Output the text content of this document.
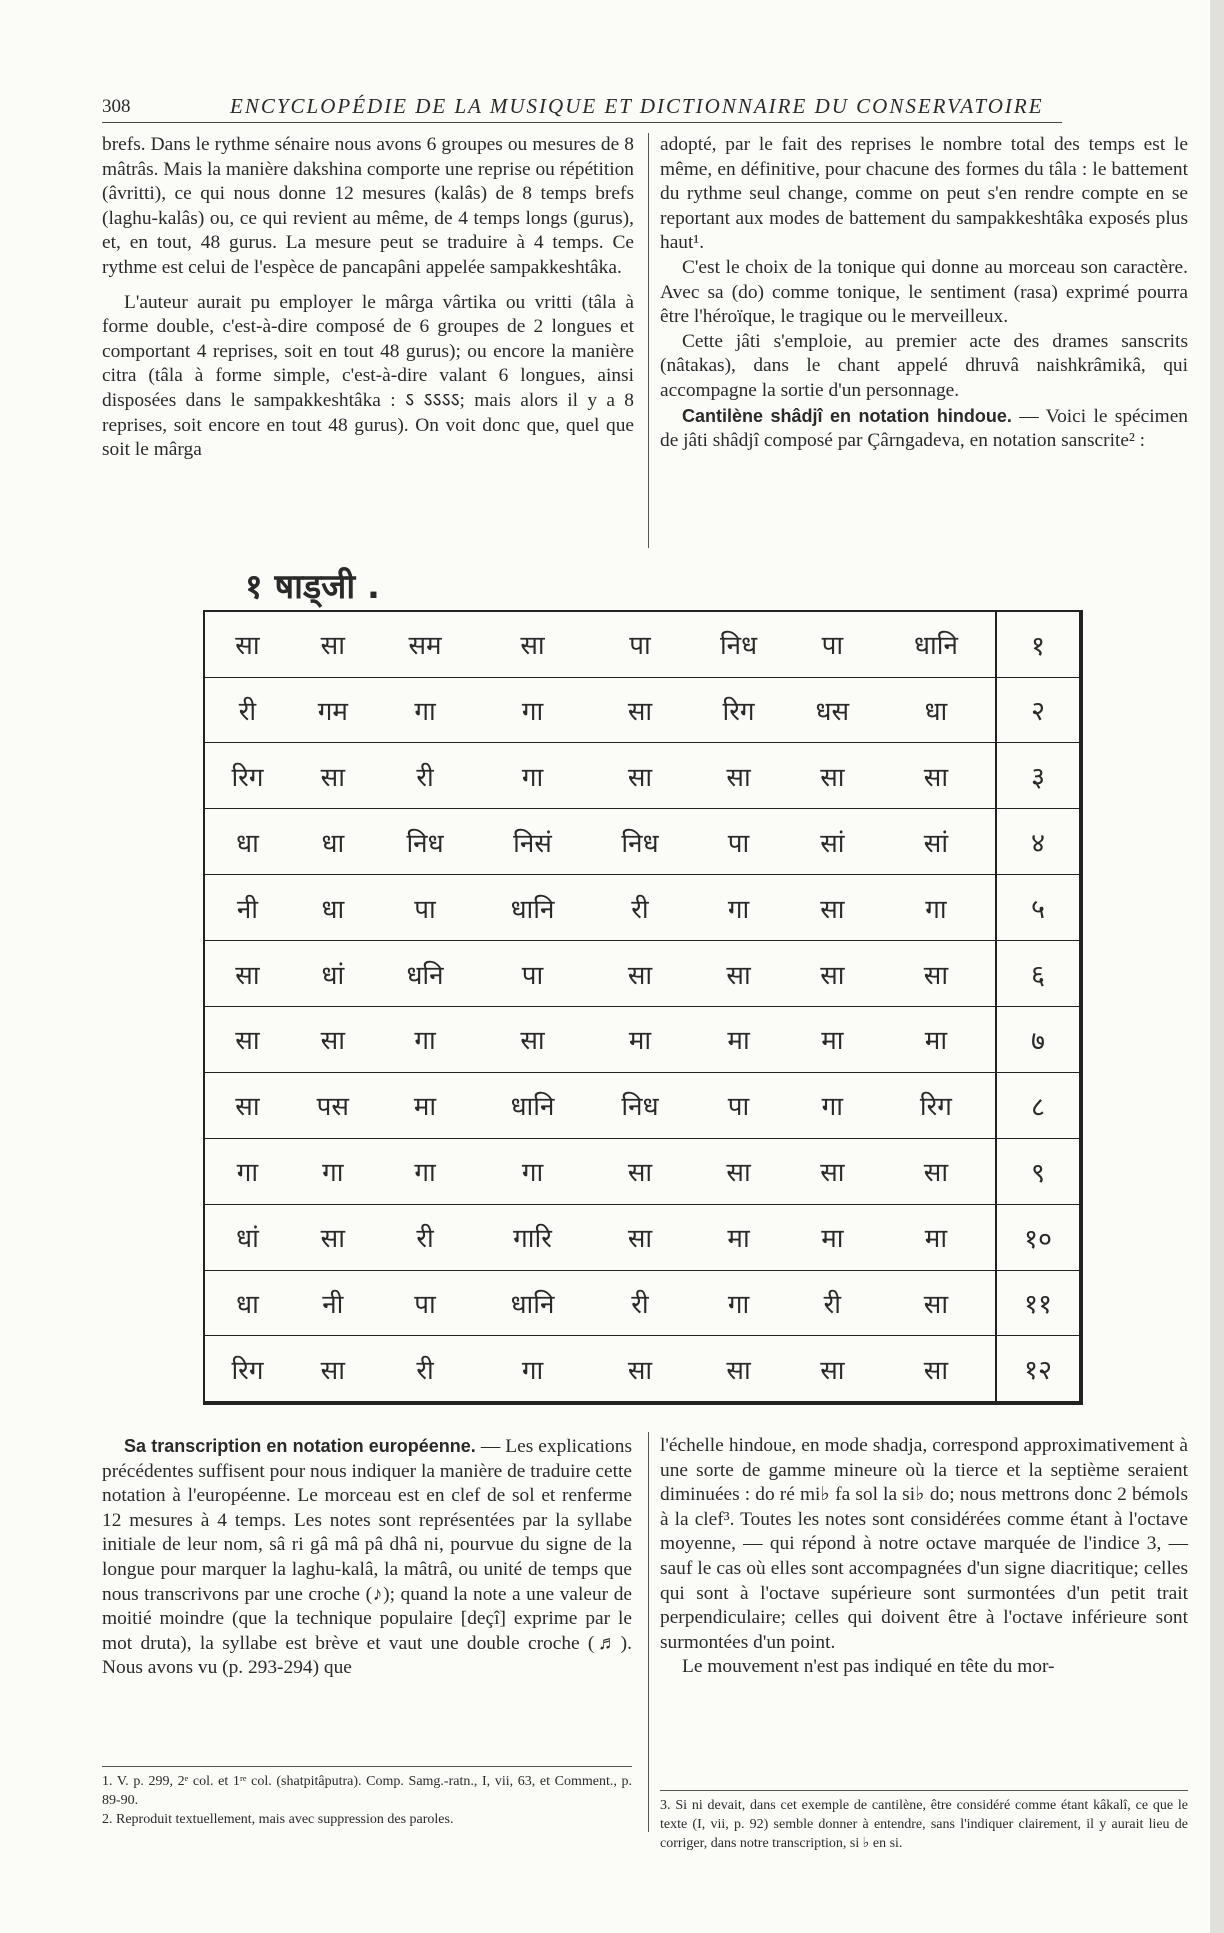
308	ENCYCLOPÉDIE DE LA MUSIQUE ET DICTIONNAIRE DU CONSERVATOIRE

brefs. Dans le rythme sénaire nous avons 6 groupes ou mesures de 8 mâtrâs. Mais la manière dakshina comporte une reprise ou répétition (âvritti), ce qui nous donne 12 mesures (kalâs) de 8 temps brefs (laghu-kalâs) ou, ce qui revient au même, de 4 temps longs (gurus), et, en tout, 48 gurus. La mesure peut se traduire à 4 temps. Ce rythme est celui de l'espèce de pancapâni appelée sampakkeshtâka.

L'auteur aurait pu employer le mârga vârtika ou vritti (tâla à forme double, c'est-à-dire composé de 6 groupes de 2 longues et comportant 4 reprises, soit en tout 48 gurus); ou encore la manière citra (tâla à forme simple, c'est-à-dire valant 6 longues, ainsi disposées dans le sampakkeshtâka : ऽ ऽऽऽऽ; mais alors il y a 8 reprises, soit encore en tout 48 gurus). On voit donc que, quel que soit le mârga

adopté, par le fait des reprises le nombre total des temps est le même, en définitive, pour chacune des formes du tâla : le battement du rythme seul change, comme on peut s'en rendre compte en se reportant aux modes de battement du sampakkeshtâka exposés plus haut¹.

C'est le choix de la tonique qui donne au morceau son caractère. Avec sa (do) comme tonique, le sentiment (rasa) exprimé pourra être l'héroïque, le tragique ou le merveilleux.

Cette jâti s'emploie, au premier acte des drames sanscrits (nâtakas), dans le chant appelé dhruvâ naishkrâmikâ, qui accompagne la sortie d'un personnage.

Cantilène shâdjî en notation hindoue. — Voici le spécimen de jâti shâdjî composé par Çârngadeva, en notation sanscrite² :

१ षाड्जी .
सा	सा	सम	सा	पा	निध	पा	धानि	१
री	गम	गा	गा	सा	रिग	धस	धा	२
रिग	सा	री	गा	सा	सा	सा	सा	३
धा	धा	निध	निसं	निध	पा	सां	सां	४
नी	धा	पा	धानि	री	गा	सा	गा	५
सा	धां	धनि	पा	सा	सा	सा	सा	६
सा	सा	गा	सा	मा	मा	मा	मा	७
सा	पस	मा	धानि	निध	पा	गा	रिग	८
गा	गा	गा	गा	सा	सा	सा	सा	९
धां	सा	री	गारि	सा	मा	मा	मा	१०
धा	नी	पा	धानि	री	गा	री	सा	११
रिग	सा	री	गा	सा	सा	सा	सा	१२

Sa transcription en notation européenne. — Les explications précédentes suffisent pour nous indiquer la manière de traduire cette notation à l'européenne. Le morceau est en clef de sol et renferme 12 mesures à 4 temps. Les notes sont représentées par la syllabe initiale de leur nom, sâ ri gâ mâ pâ dhâ ni, pourvue du signe de la longue pour marquer la laghu-kalâ, la mâtrâ, ou unité de temps que nous transcrivons par une croche (♪); quand la note a une valeur de moitié moindre (que la technique populaire [deçî] exprime par le mot druta), la syllabe est brève et vaut une double croche (♬). Nous avons vu (p. 293-294) que

l'échelle hindoue, en mode shadja, correspond approximativement à une sorte de gamme mineure où la tierce et la septième seraient diminuées : do ré mi♭ fa sol la si♭ do; nous mettrons donc 2 bémols à la clef³. Toutes les notes sont considérées comme étant à l'octave moyenne, — qui répond à notre octave marquée de l'indice 3, — sauf le cas où elles sont accompagnées d'un signe diacritique; celles qui sont à l'octave supérieure sont surmontées d'un petit trait perpendiculaire; celles qui doivent être à l'octave inférieure sont surmontées d'un point.

Le mouvement n'est pas indiqué en tête du mor-

1. V. p. 299, 2ᵉ col. et 1ʳᵉ col. (shatpitâputra). Comp. Samg.-ratn., I, vii, 63, et Comment., p. 89-90.

2. Reproduit textuellement, mais avec suppression des paroles.

3. Si ni devait, dans cet exemple de cantilène, être considéré comme étant kâkalî, ce que le texte (I, vii, p. 92) semble donner à entendre, sans l'indiquer clairement, il y aurait lieu de corriger, dans notre transcription, si ♭ en si.
